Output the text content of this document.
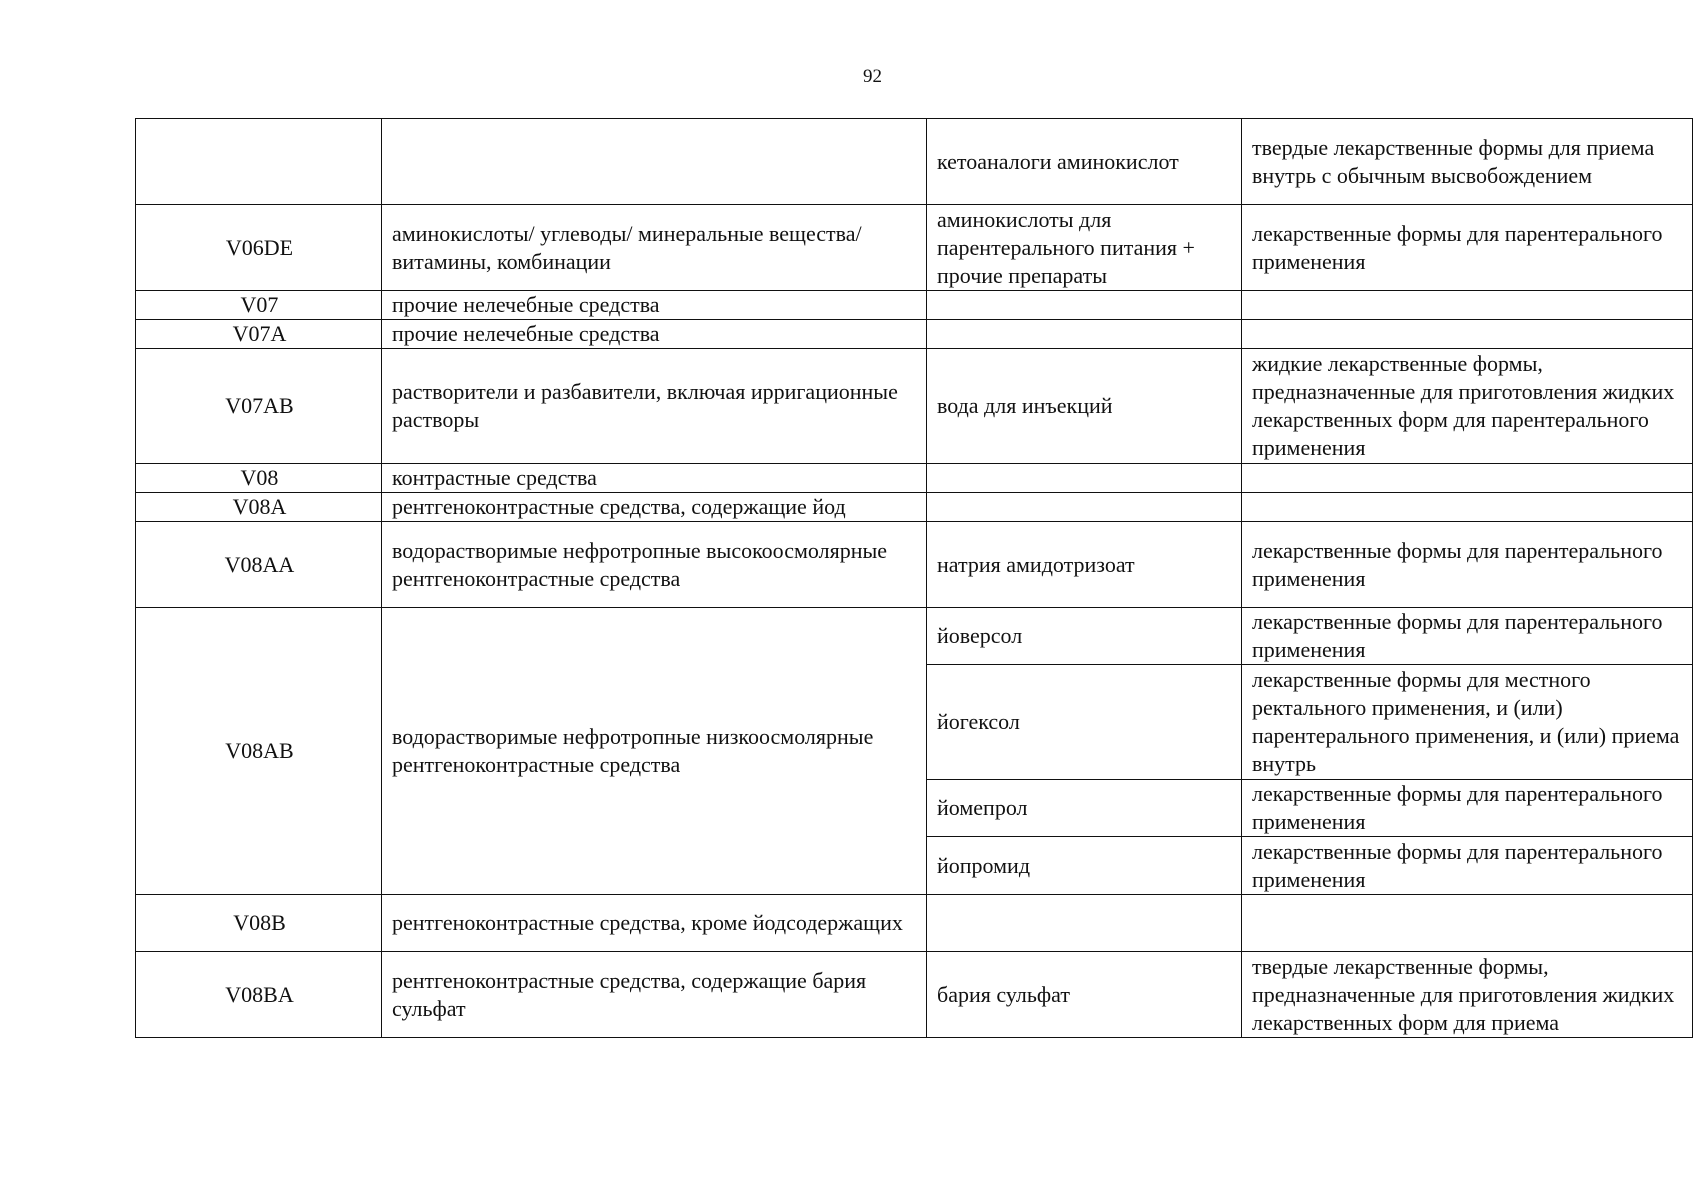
92
		кетоаналоги аминокислот	твердые лекарственные формы для приема внутрь с обычным высвобождением
V06DE	аминокислоты/ углеводы/ минеральные вещества/ витамины, комбинации	аминокислоты для парентерального питания + прочие препараты	лекарственные формы для парентерального применения
V07	прочие нелечебные средства		
V07A	прочие нелечебные средства		
V07AB	растворители и разбавители, включая ирригационные растворы	вода для инъекций	жидкие лекарственные формы, предназначенные для приготовления жидких лекарственных форм для парентерального применения
V08	контрастные средства		
V08A	рентгеноконтрастные средства, содержащие йод		
V08AA	водорастворимые нефротропные высокоосмолярные рентгеноконтрастные средства	натрия амидотризоат	лекарственные формы для парентерального применения
V08AB	водорастворимые нефротропные низкоосмолярные рентгеноконтрастные средства	йоверсол	лекарственные формы для парентерального применения
		йогексол	лекарственные формы для местного ректального применения, и (или) парентерального применения, и (или) приема внутрь
		йомепрол	лекарственные формы для парентерального применения
		йопромид	лекарственные формы для парентерального применения
V08B	рентгеноконтрастные средства, кроме йодсодержащих		
V08BA	рентгеноконтрастные средства, содержащие бария сульфат	бария сульфат	твердые лекарственные формы, предназначенные для приготовления жидких лекарственных форм для приема
